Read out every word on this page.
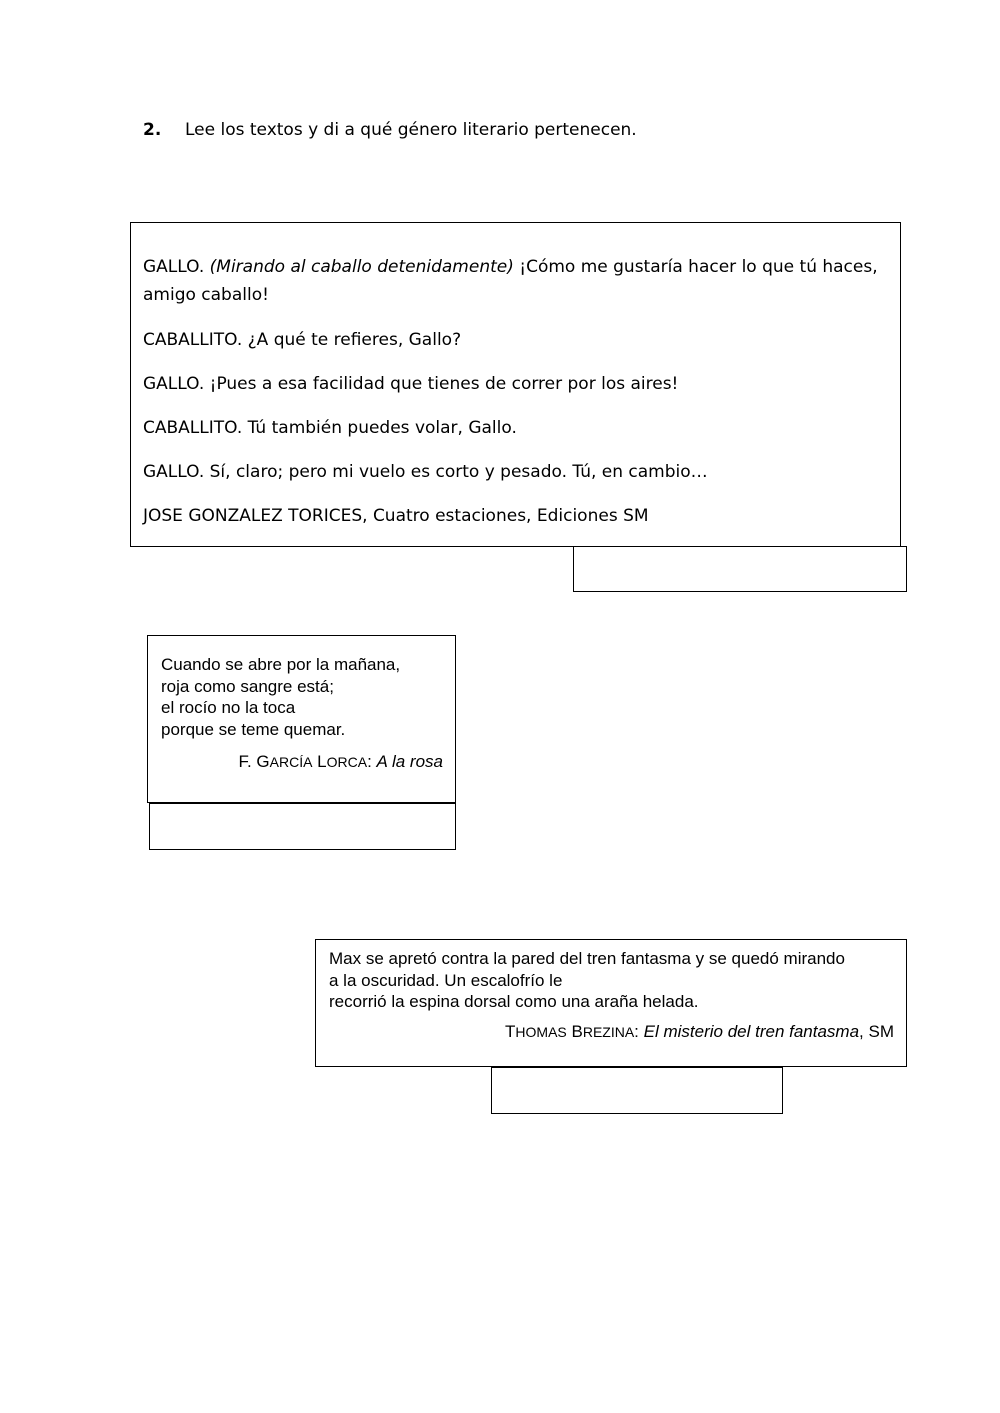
2. Lee los textos y di a qué género literario pertenecen.

GALLO. (Mirando al caballo detenidamente) ¡Cómo me gustaría hacer lo que tú haces,
amigo caballo!

CABALLITO. ¿A qué te refieres, Gallo?

GALLO. ¡Pues a esa facilidad que tienes de correr por los aires!

CABALLITO. Tú también puedes volar, Gallo.

GALLO. Sí, claro; pero mi vuelo es corto y pesado. Tú, en cambio…

JOSE GONZALEZ TORICES, Cuatro estaciones, Ediciones SM

Cuando se abre por la mañana,
roja como sangre está;
el rocío no la toca
porque se teme quemar.
F. GARCÍA LORCA: A la rosa
Max se apretó contra la pared del tren fantasma y se quedó mirando
a la oscuridad. Un escalofrío le
recorrió la espina dorsal como una araña helada.
THOMAS BREZINA: El misterio del tren fantasma, SM
